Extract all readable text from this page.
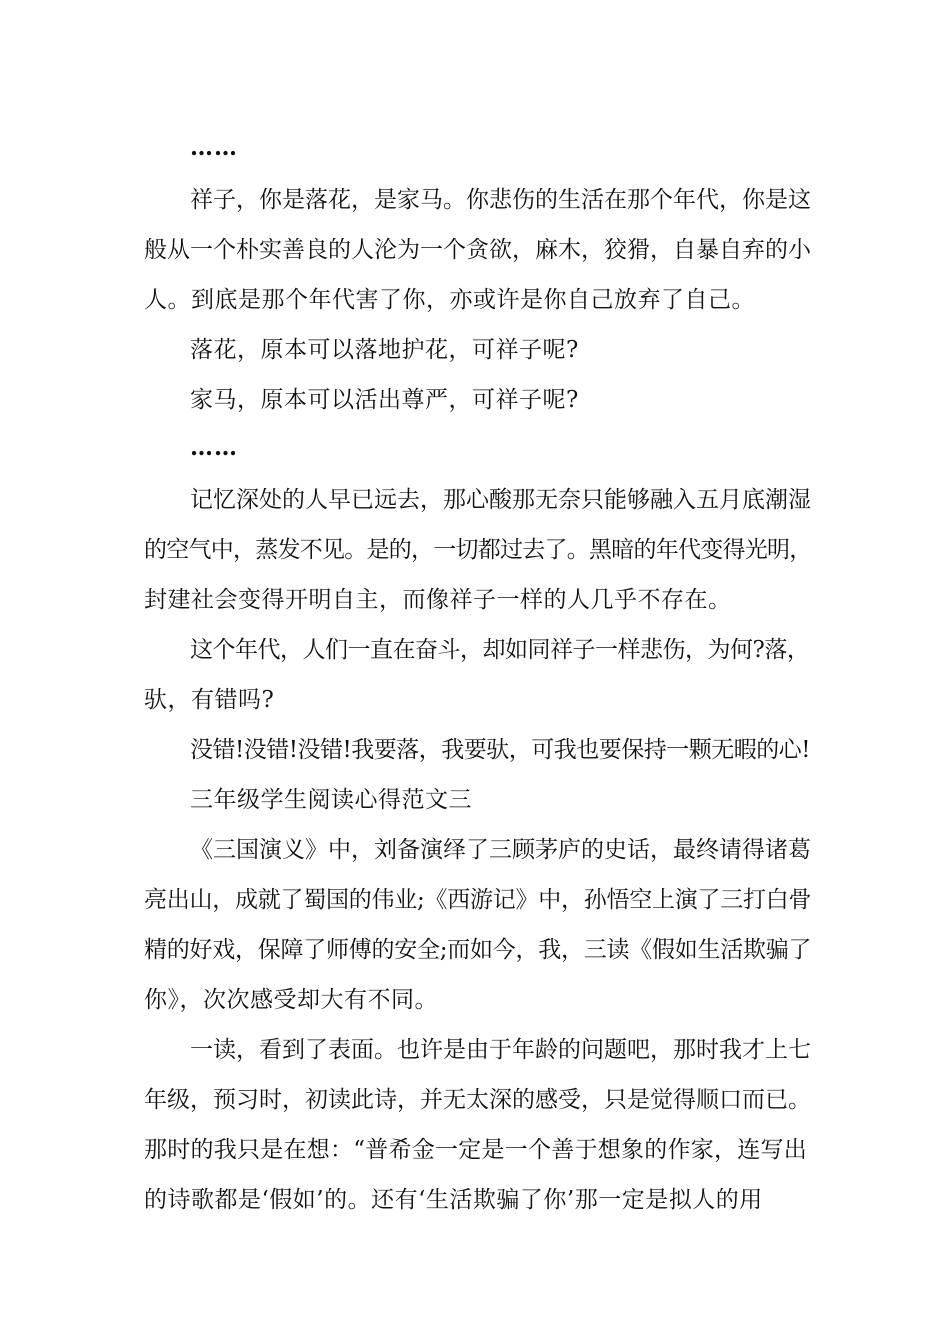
……
祥子，你是落花，是家马。你悲伤的生活在那个年代，你是这
般从一个朴实善良的人沦为一个贪欲，麻木，狡猾，自暴自弃的小
人。到底是那个年代害了你，亦或许是你自己放弃了自己。
落花，原本可以落地护花，可祥子呢?
家马，原本可以活出尊严，可祥子呢?
……
记忆深处的人早已远去，那心酸那无奈只能够融入五月底潮湿
的空气中，蒸发不见。是的，一切都过去了。黑暗的年代变得光明，
封建社会变得开明自主，而像祥子一样的人几乎不存在。
这个年代，人们一直在奋斗，却如同祥子一样悲伤，为何?落，
驮，有错吗?
没错!没错!没错!我要落，我要驮，可我也要保持一颗无暇的心!
三年级学生阅读心得范文三
《三国演义》中，刘备演绎了三顾茅庐的史话，最终请得诸葛
亮出山，成就了蜀国的伟业;《西游记》中，孙悟空上演了三打白骨
精的好戏，保障了师傅的安全;而如今，我，三读《假如生活欺骗了
你》，次次感受却大有不同。
一读，看到了表面。也许是由于年龄的问题吧，那时我才上七
年级，预习时，初读此诗，并无太深的感受，只是觉得顺口而已。
那时的我只是在想：“普希金一定是一个善于想象的作家，连写出
的诗歌都是‘假如’的。还有‘生活欺骗了你’那一定是拟人的用
